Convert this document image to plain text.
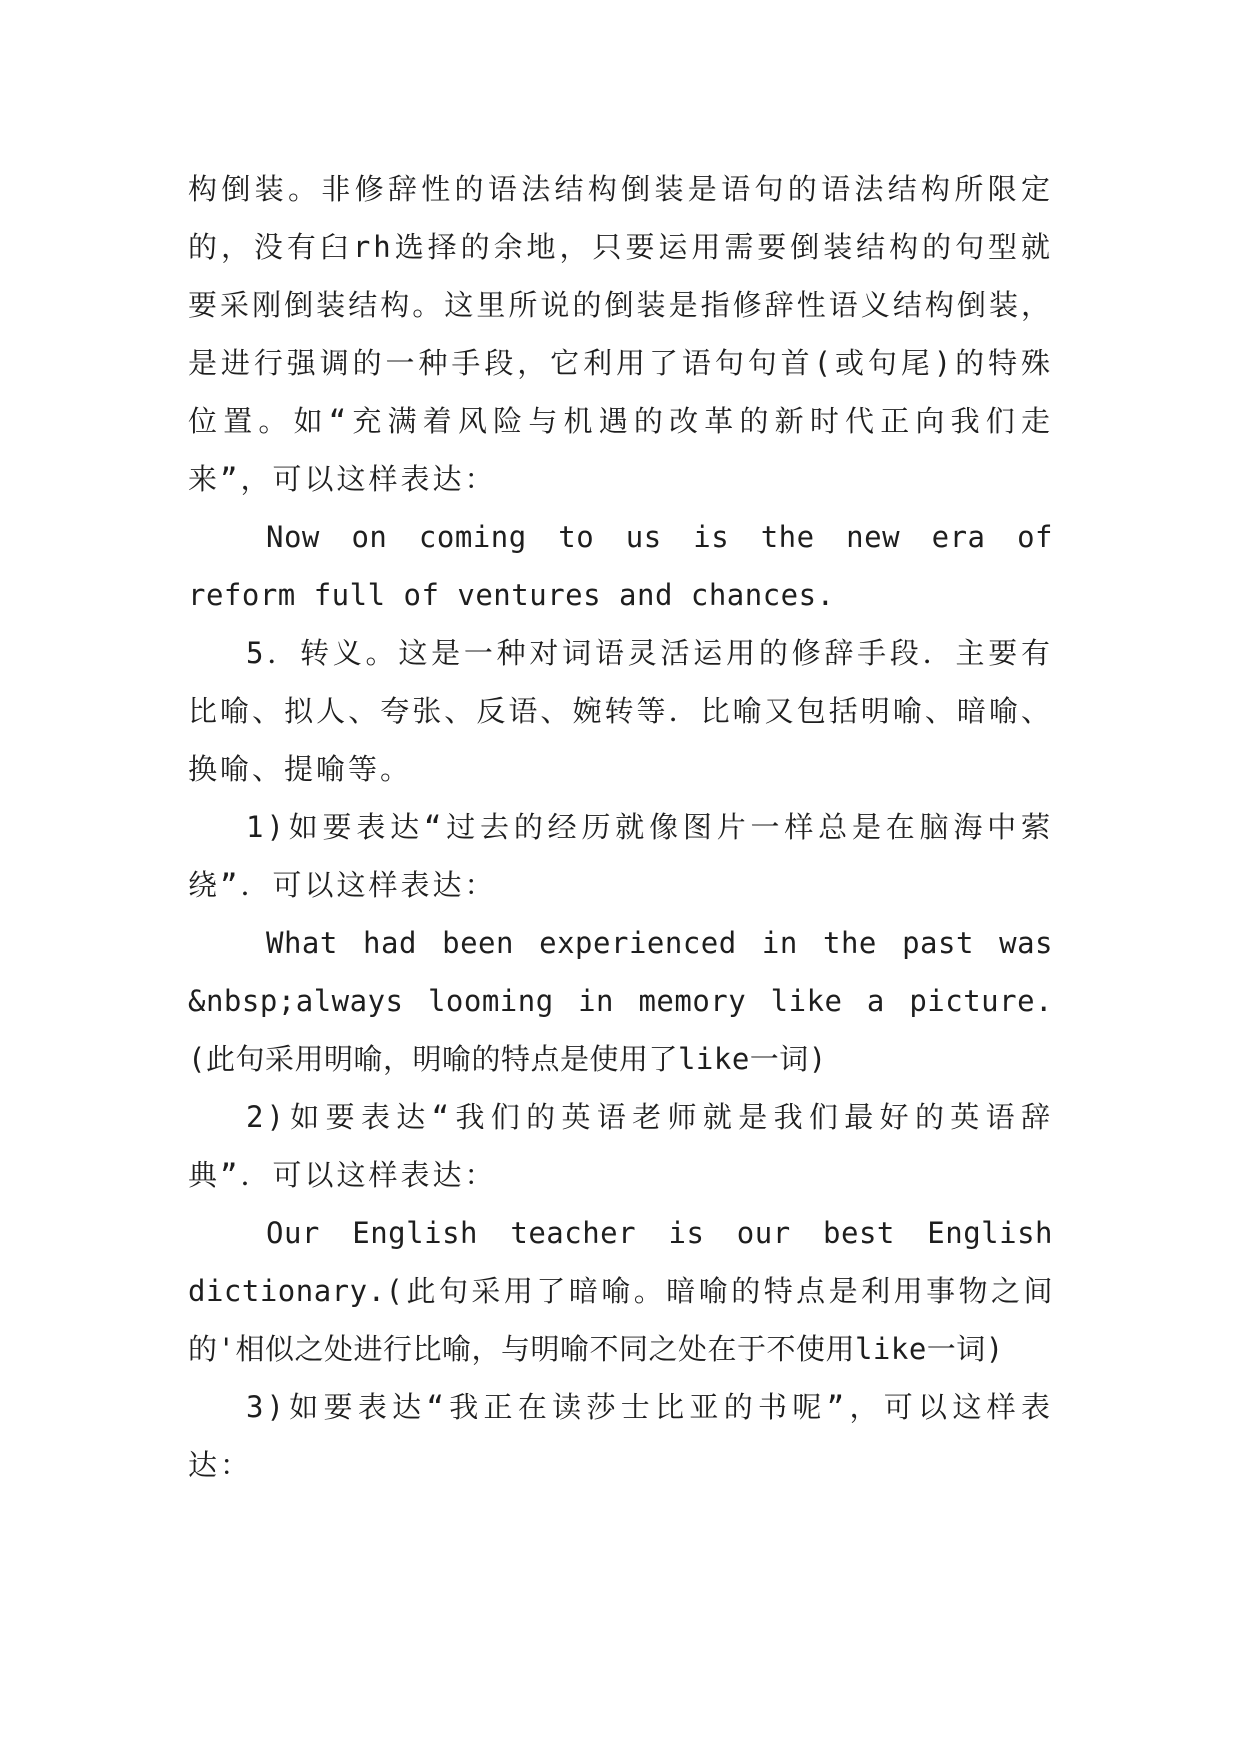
构倒装。非修辞性的语法结构倒装是语句的语法结构所限定的，没有臼rh选择的余地，只要运用需要倒装结构的句型就要采刚倒装结构。这里所说的倒装是指修辞性语义结构倒装，是进行强调的一种手段，它利用了语句句首(或句尾)的特殊位置。如“充满着风险与机遇的改革的新时代正向我们走来”，可以这样表达：

Now on coming to us is the new era of reform full of ventures and chances.

5．转义。这是一种对词语灵活运用的修辞手段．主要有比喻、拟人、夸张、反语、婉转等．比喻又包括明喻、暗喻、换喻、提喻等。

1)如要表达“过去的经历就像图片一样总是在脑海中萦绕”．可以这样表达：

What had been experienced in the past was &nbsp;always looming in memory like a picture.(此句采用明喻，明喻的特点是使用了like一词)

2)如要表达“我们的英语老师就是我们最好的英语辞典”．可以这样表达：

Our English teacher is our best English dictionary.(此句采用了暗喻。暗喻的特点是利用事物之间的'相似之处进行比喻，与明喻不同之处在于不使用like一词)

3)如要表达“我正在读莎士比亚的书呢”，可以这样表达：
